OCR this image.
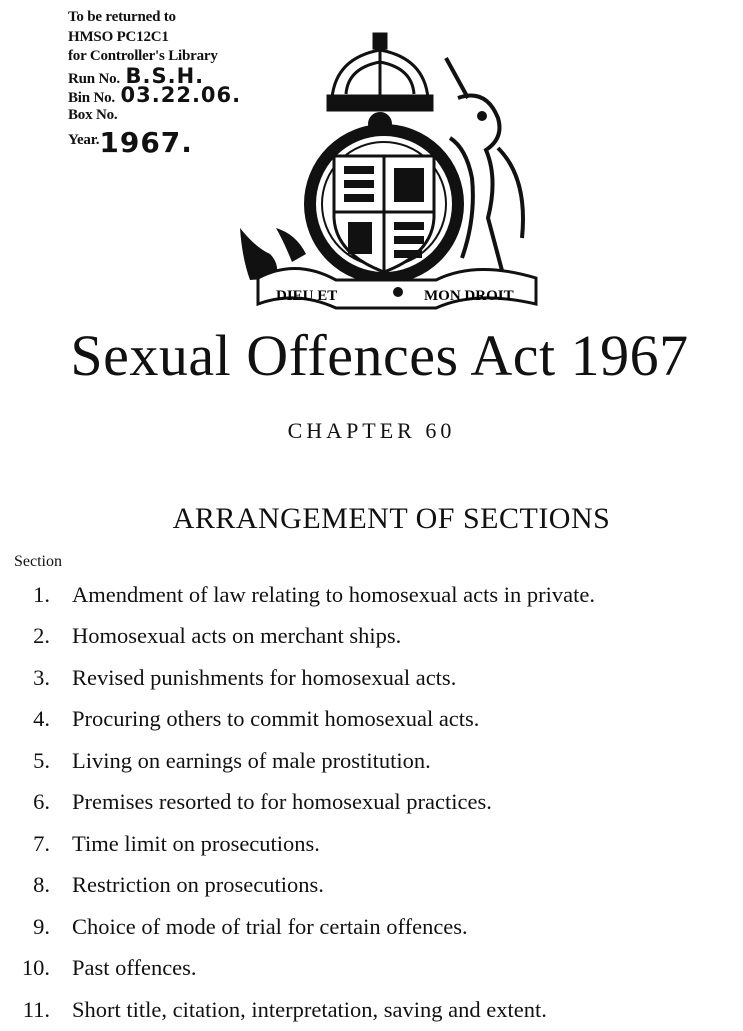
To be returned to
HMSO PC12C1
for Controller's Library
Run No. B.S.H.
Bin No. 03.22.06.
Box No.
Year.1967.
DIEU ET	MON DROIT
Sexual Offences Act 1967
CHAPTER 60
ARRANGEMENT OF SECTIONS
Section
1. Amendment of law relating to homosexual acts in private.
2. Homosexual acts on merchant ships.
3. Revised punishments for homosexual acts.
4. Procuring others to commit homosexual acts.
5. Living on earnings of male prostitution.
6. Premises resorted to for homosexual practices.
7. Time limit on prosecutions.
8. Restriction on prosecutions.
9. Choice of mode of trial for certain offences.
10. Past offences.
11. Short title, citation, interpretation, saving and extent.
